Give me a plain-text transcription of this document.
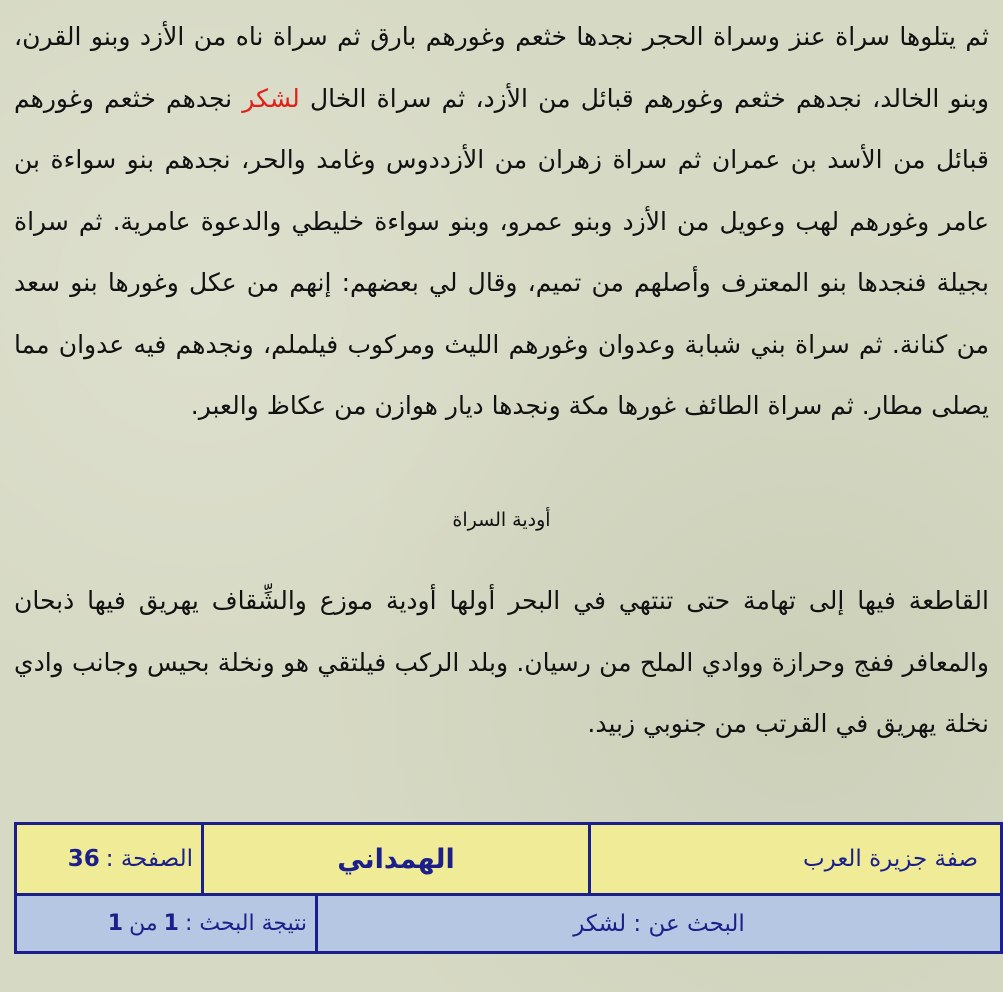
ثم يتلوها سراة عنز وسراة الحجر نجدها خثعم وغورهم بارق ثم سراة ناه من الأزد وبنو القرن، وبنو الخالد، نجدهم خثعم وغورهم قبائل من الأزد، ثم سراة الخال لشكر نجدهم خثعم وغورهم قبائل من الأسد بن عمران ثم سراة زهران من الأزددوس وغامد والحر، نجدهم بنو سواءة بن عامر وغورهم لهب وعويل من الأزد وبنو عمرو، وبنو سواءة خليطي والدعوة عامرية. ثم سراة بجيلة فنجدها بنو المعترف وأصلهم من تميم، وقال لي بعضهم: إنهم من عكل وغورها بنو سعد من كنانة. ثم سراة بني شبابة وعدوان وغورهم الليث ومركوب فيلملم، ونجدهم فيه عدوان مما يصلى مطار. ثم سراة الطائف غورها مكة ونجدها ديار هوازن من عكاظ والعبر.

أودية السراة

القاطعة فيها إلى تهامة حتى تنتهي في البحر أولها أودية موزع والشِّقاف يهريق فيها ذبحان والمعافر ففج وحرازة ووادي الملح من رسيان. وبلد الركب فيلتقي هو ونخلة بحيس وجانب وادي نخلة يهريق في القرتب من جنوبي زبيد.

صفة جزيرة العرب
الهمداني
الصفحة :
36
البحث عن : لشكر
نتيجة البحث :
1
من
1
